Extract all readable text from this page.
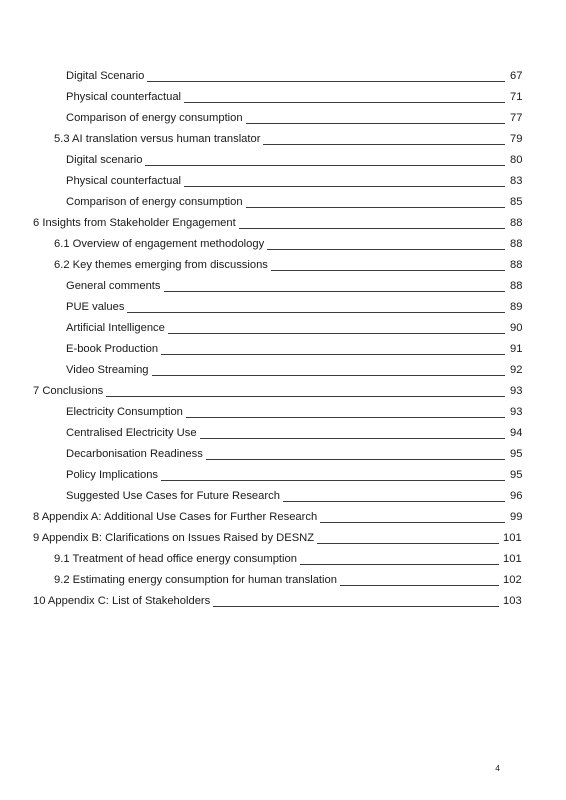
Digital Scenario	67
Physical counterfactual	71
Comparison of energy consumption	77
5.3 AI translation versus human translator	79
Digital scenario	80
Physical counterfactual	83
Comparison of energy consumption	85
6 Insights from Stakeholder Engagement	88
6.1 Overview of engagement methodology	88
6.2 Key themes emerging from discussions	88
General comments	88
PUE values	89
Artificial Intelligence	90
E-book Production	91
Video Streaming	92
7 Conclusions	93
Electricity Consumption	93
Centralised Electricity Use	94
Decarbonisation Readiness	95
Policy Implications	95
Suggested Use Cases for Future Research	96
8 Appendix A: Additional Use Cases for Further Research	99
9 Appendix B: Clarifications on Issues Raised by DESNZ	101
9.1 Treatment of head office energy consumption	101
9.2 Estimating energy consumption for human translation	102
10 Appendix C: List of Stakeholders	103
4
